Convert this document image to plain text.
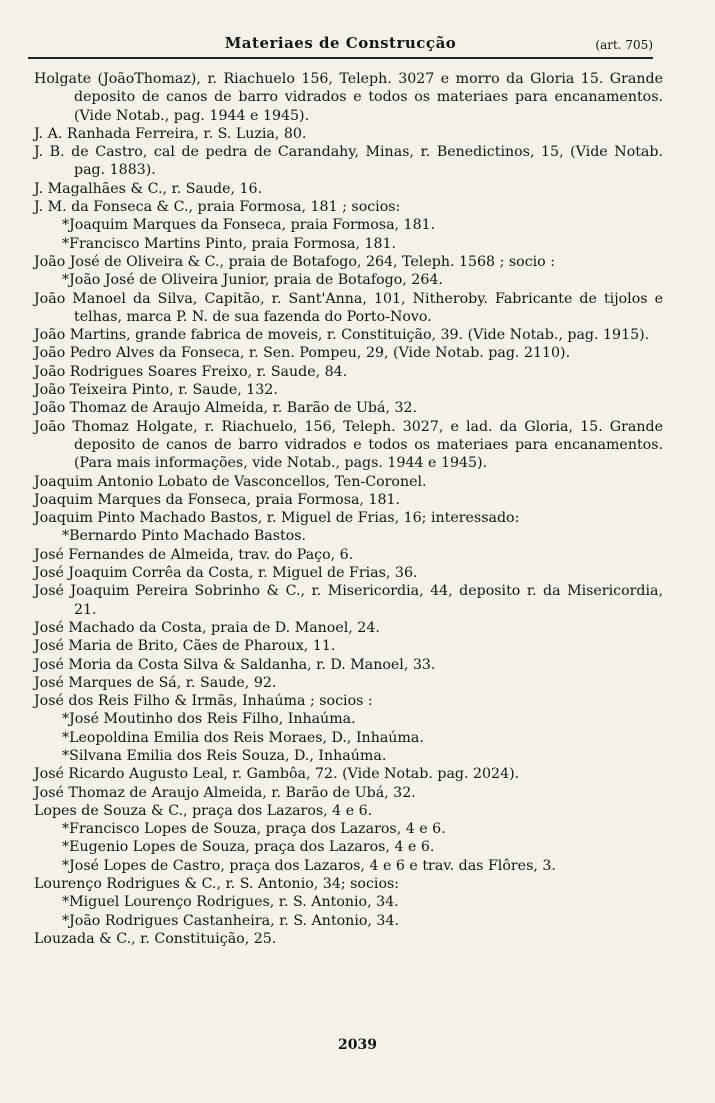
Materiaes de Construcção	(art. 705)
Holgate (JoãoThomaz), r. Riachuelo 156, Teleph. 3027 e morro da Gloria 15. Grande deposito de canos de barro vidrados e todos os materiaes para encanamentos. (Vide Notab., pag. 1944 e 1945).
J. A. Ranhada Ferreira, r. S. Luzia, 80.
J. B. de Castro, cal de pedra de Carandahy, Minas, r. Benedictinos, 15, (Vide Notab. pag. 1883).
J. Magalhães & C., r. Saude, 16.
J. M. da Fonseca & C., praia Formosa, 181 ; socios:
*Joaquim Marques da Fonseca, praia Formosa, 181.
*Francisco Martins Pinto, praia Formosa, 181.
João José de Oliveira & C., praia de Botafogo, 264, Teleph. 1568 ; socio :
*João José de Oliveira Junior, praia de Botafogo, 264.
João Manoel da Silva, Capitão, r. Sant'Anna, 101, Nitheroby. Fabricante de tijolos e telhas, marca P. N. de sua fazenda do Porto-Novo.
João Martins, grande fabrica de moveis, r. Constituição, 39. (Vide Notab., pag. 1915).
João Pedro Alves da Fonseca, r. Sen. Pompeu, 29, (Vide Notab. pag. 2110).
João Rodrigues Soares Freixo, r. Saude, 84.
João Teixeira Pinto, r. Saude, 132.
João Thomaz de Araujo Almeida, r. Barão de Ubá, 32.
João Thomaz Holgate, r. Riachuelo, 156, Teleph. 3027, e lad. da Gloria, 15. Grande deposito de canos de barro vidrados e todos os materiaes para encanamentos. (Para mais informações, vide Notab., pags. 1944 e 1945).
Joaquim Antonio Lobato de Vasconcellos, Ten-Coronel.
Joaquim Marques da Fonseca, praia Formosa, 181.
Joaquim Pinto Machado Bastos, r. Miguel de Frias, 16; interessado:
*Bernardo Pinto Machado Bastos.
José Fernandes de Almeida, trav. do Paço, 6.
José Joaquim Corrêa da Costa, r. Miguel de Frias, 36.
José Joaquim Pereira Sobrinho & C., r. Misericordia, 44, deposito r. da Misericordia, 21.
José Machado da Costa, praia de D. Manoel, 24.
José Maria de Brito, Cães de Pharoux, 11.
José Moria da Costa Silva & Saldanha, r. D. Manoel, 33.
José Marques de Sá, r. Saude, 92.
José dos Reis Filho & Irmãs, Inhaúma ; socios :
*José Moutinho dos Reis Filho, Inhaúma.
*Leopoldina Emilia dos Reis Moraes, D., Inhaúma.
*Silvana Emilia dos Reis Souza, D., Inhaúma.
José Ricardo Augusto Leal, r. Gambôa, 72. (Vide Notab. pag. 2024).
José Thomaz de Araujo Almeida, r. Barão de Ubá, 32.
Lopes de Souza & C., praça dos Lazaros, 4 e 6.
*Francisco Lopes de Souza, praça dos Lazaros, 4 e 6.
*Eugenio Lopes de Souza, praça dos Lazaros, 4 e 6.
*José Lopes de Castro, praça dos Lazaros, 4 e 6 e trav. das Flôres, 3.
Lourenço Rodrigues & C., r. S. Antonio, 34; socios:
*Miguel Lourenço Rodrigues, r. S. Antonio, 34.
*João Rodrigues Castanheira, r. S. Antonio, 34.
Louzada & C., r. Constituição, 25.
2039
